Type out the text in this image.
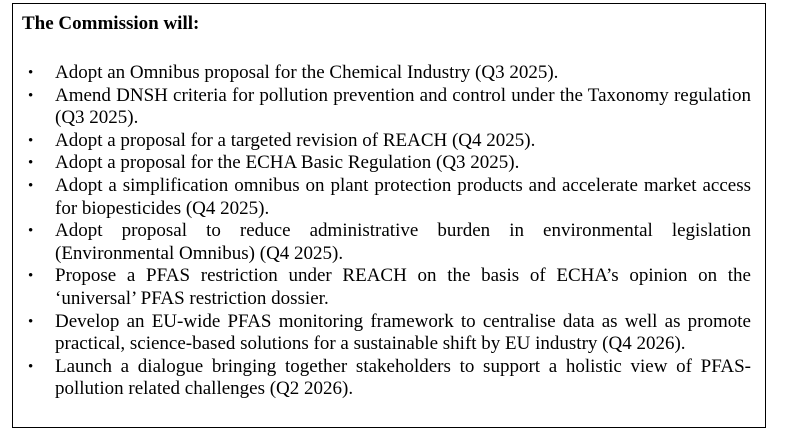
The Commission will:
• Adopt an Omnibus proposal for the Chemical Industry (Q3 2025).
• Amend DNSH criteria for pollution prevention and control under the Taxonomy regulation (Q3 2025).
• Adopt a proposal for a targeted revision of REACH (Q4 2025).
• Adopt a proposal for the ECHA Basic Regulation (Q3 2025).
• Adopt a simplification omnibus on plant protection products and accelerate market access for biopesticides (Q4 2025).
• Adopt proposal to reduce administrative burden in environmental legislation (Environmental Omnibus) (Q4 2025).
• Propose a PFAS restriction under REACH on the basis of ECHA’s opinion on the ‘universal’ PFAS restriction dossier.
• Develop an EU-wide PFAS monitoring framework to centralise data as well as promote practical, science-based solutions for a sustainable shift by EU industry (Q4 2026).
• Launch a dialogue bringing together stakeholders to support a holistic view of PFAS-pollution related challenges (Q2 2026).
